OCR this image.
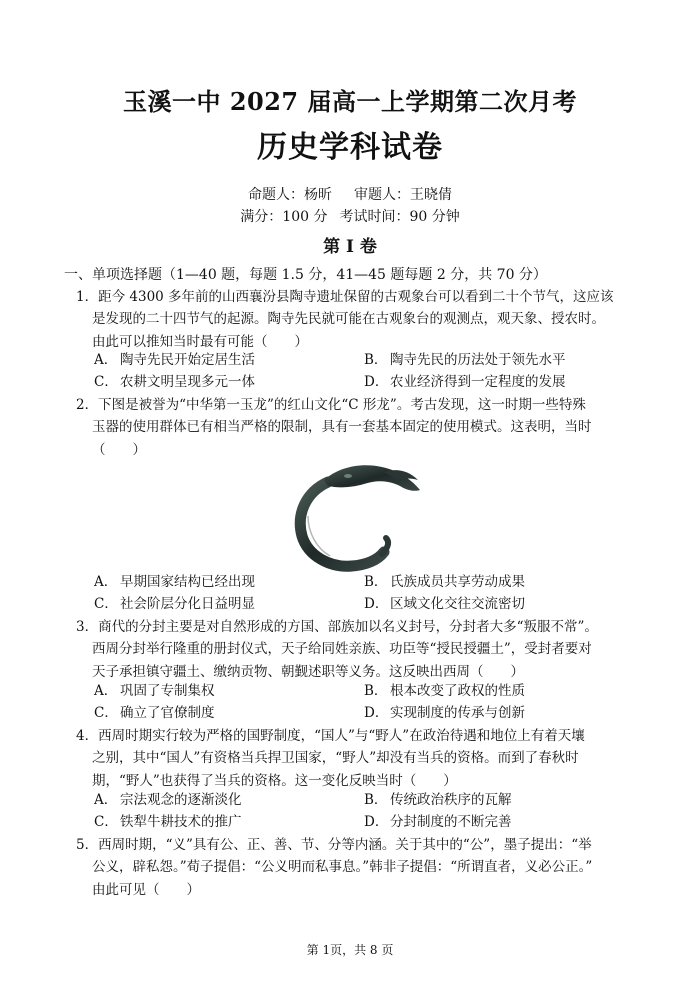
玉溪一中 2027 届高一上学期第二次月考
历史学科试卷
命题人：杨昕 审题人：王晓倩
满分：100 分 考试时间：90 分钟
第 I 卷
一、单项选择题（1—40 题，每题 1.5 分，41—45 题每题 2 分，共 70 分）
1．距今 4300 多年前的山西襄汾县陶寺遗址保留的古观象台可以看到二十个节气，这应该
是发现的二十四节气的起源。陶寺先民就可能在古观象台的观测点，观天象、授农时。
由此可以推知当时最有可能（　　）
A． 陶寺先民开始定居生活	B． 陶寺先民的历法处于领先水平
C． 农耕文明呈现多元一体	D． 农业经济得到一定程度的发展
2．下图是被誉为“中华第一玉龙”的红山文化“C 形龙”。考古发现，这一时期一些特殊
玉器的使用群体已有相当严格的限制，具有一套基本固定的使用模式。这表明，当时
（　　）
A． 早期国家结构已经出现	B． 氏族成员共享劳动成果
C． 社会阶层分化日益明显	D． 区域文化交往交流密切
3．商代的分封主要是对自然形成的方国、部族加以名义封号，分封者大多“叛服不常”。
西周分封举行隆重的册封仪式，天子给同姓亲族、功臣等“授民授疆土”，受封者要对
天子承担镇守疆土、缴纳贡物、朝觐述职等义务。这反映出西周（　　）
A． 巩固了专制集权	B． 根本改变了政权的性质
C． 确立了官僚制度	D． 实现制度的传承与创新
4．西周时期实行较为严格的国野制度，“国人”与“野人”在政治待遇和地位上有着天壤
之别，其中“国人”有资格当兵捍卫国家，“野人”却没有当兵的资格。而到了春秋时
期，“野人”也获得了当兵的资格。这一变化反映当时（　　）
A． 宗法观念的逐渐淡化	B． 传统政治秩序的瓦解
C． 铁犁牛耕技术的推广	D． 分封制度的不断完善
5．西周时期，“义”具有公、正、善、节、分等内涵。关于其中的“公”，墨子提出：“举
公义，辟私怨。”荀子提倡：“公义明而私事息。”韩非子提倡：“所谓直者，义必公正。”
由此可见（　　）
第 1页，共 8 页
